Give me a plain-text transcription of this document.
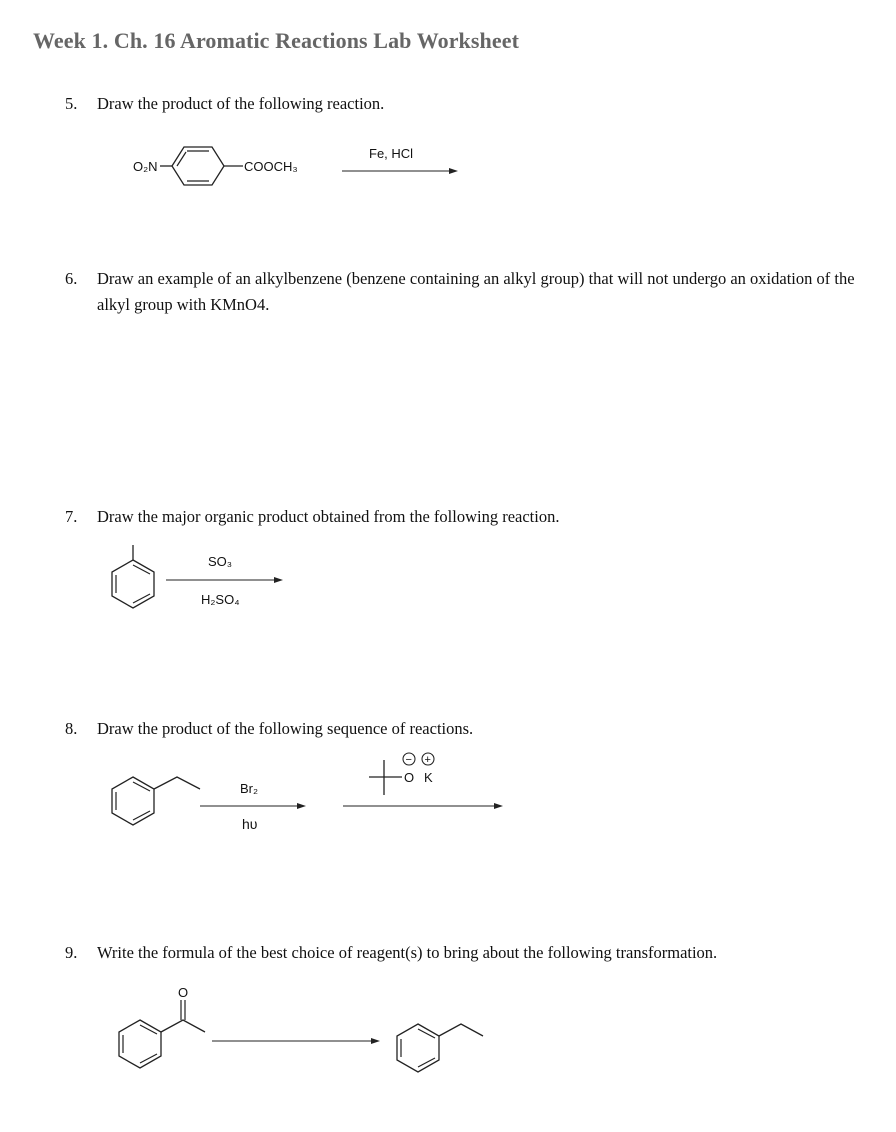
Week 1. Ch. 16 Aromatic Reactions Lab Worksheet
5.	Draw the product of the following reaction.
O₂N	COOCH₃
Fe, HCl
6.	Draw an example of an alkylbenzene (benzene containing an alkyl group) that will not undergo an oxidation of the alkyl group with KMnO4.
7.	Draw the major organic product obtained from the following reaction.
SO₃
H₂SO₄
8.	Draw the product of the following sequence of reactions.
Br₂
hυ
O K
− +
9.	Write the formula of the best choice of reagent(s) to bring about the following transformation.
O
